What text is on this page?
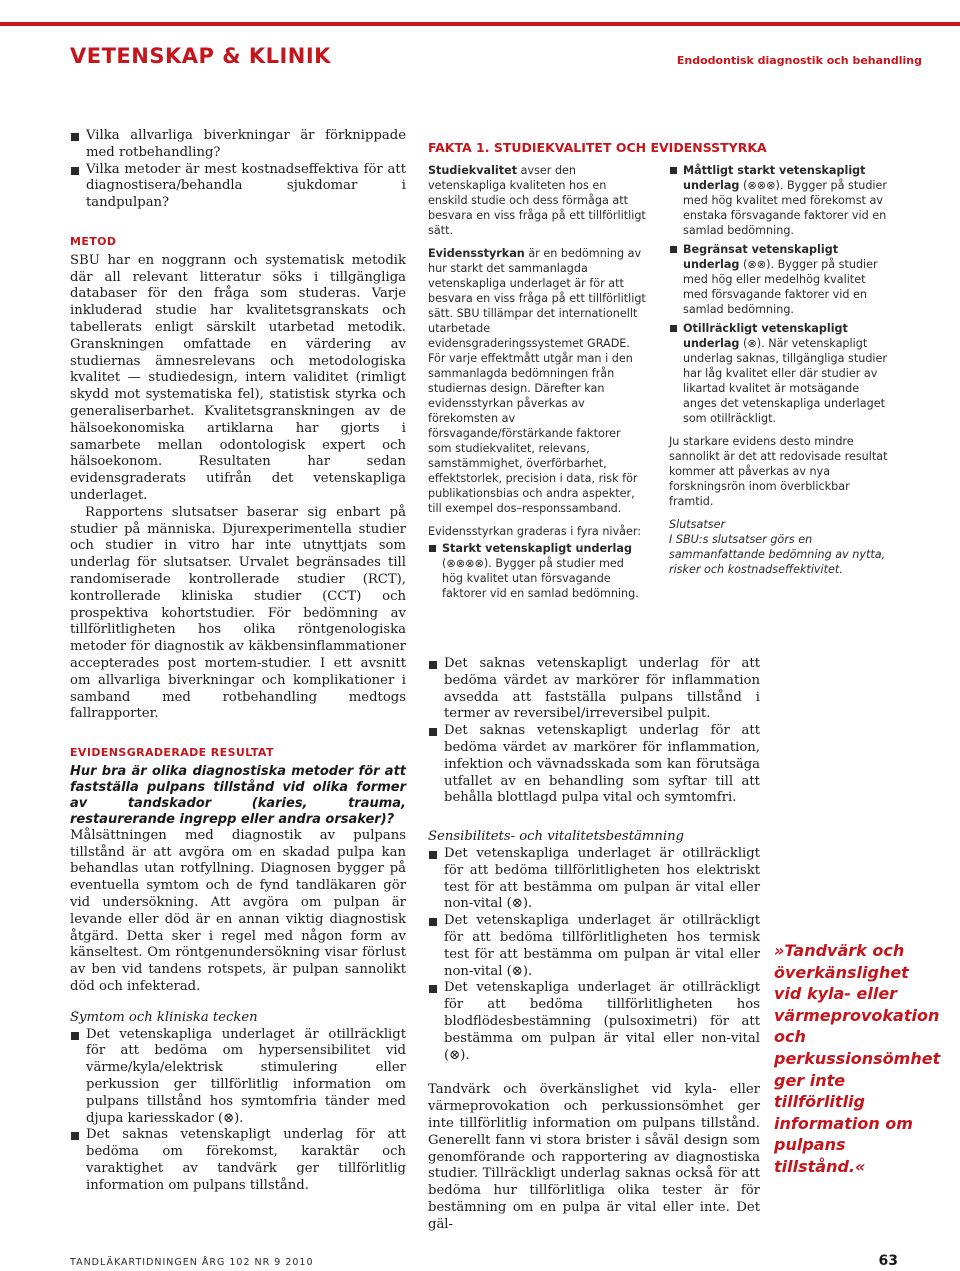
VETENSKAP & KLINIK	Endodontisk diagnostik och behandling
Vilka allvarliga biverkningar är förknippade med rotbehandling?
Vilka metoder är mest kostnadseffektiva för att diagnostisera/behandla sjukdomar i tandpulpan?
METOD

SBU har en noggrann och systematisk metodik där all relevant litteratur söks i tillgängliga databaser för den fråga som studeras. Varje inkluderad studie har kvalitetsgranskats och tabellerats enligt särskilt utarbetad metodik. Granskningen omfattade en värdering av studiernas ämnesrelevans och metodologiska kvalitet — studiedesign, intern validitet (rimligt skydd mot systematiska fel), statistisk styrka och generaliserbarhet. Kvalitetsgranskningen av de hälsoekonomiska artiklarna har gjorts i samarbete mellan odontologisk expert och hälsoekonom. Resultaten har sedan evidensgraderats utifrån det vetenskapliga underlaget.

Rapportens slutsatser baserar sig enbart på studier på människa. Djurexperimentella studier och studier in vitro har inte utnyttjats som underlag för slutsatser. Urvalet begränsades till randomiserade kontrollerade studier (RCT), kontrollerade kliniska studier (CCT) och prospektiva kohortstudier. För bedömning av tillförlitligheten hos olika röntgenologiska metoder för diagnostik av käkbensinflammationer accepterades post mortem-studier. I ett avsnitt om allvarliga biverkningar och komplikationer i samband med rotbehandling medtogs fallrapporter.

EVIDENSGRADERADE RESULTAT

Hur bra är olika diagnostiska metoder för att fastställa pulpans tillstånd vid olika former av tandskador (karies, trauma, restaurerande ingrepp eller andra orsaker)?

Målsättningen med diagnostik av pulpans tillstånd är att avgöra om en skadad pulpa kan behandlas utan rotfyllning. Diagnosen bygger på eventuella symtom och de fynd tandläkaren gör vid undersökning. Att avgöra om pulpan är levande eller död är en annan viktig diagnostisk åtgärd. Detta sker i regel med någon form av känseltest. Om röntgenundersökning visar förlust av ben vid tandens rotspets, är pulpan sannolikt död och infekterad.

Symtom och kliniska tecken

Det vetenskapliga underlaget är otillräckligt för att bedöma om hypersensibilitet vid värme/kyla/elektrisk stimulering eller perkussion ger tillförlitlig information om pulpans tillstånd hos symtomfria tänder med djupa kariesskador (⊗).
Det saknas vetenskapligt underlag för att bedöma om förekomst, karaktär och varaktighet av tandvärk ger tillförlitlig information om pulpans tillstånd.
FAKTA 1. STUDIEKVALITET OCH EVIDENSSTYRKA

Studiekvalitet avser den vetenskapliga kvaliteten hos en enskild studie och dess förmåga att besvara en viss fråga på ett tillförlitligt sätt.

Evidensstyrkan är en bedömning av hur starkt det sammanlagda vetenskapliga underlaget är för att besvara en viss fråga på ett tillförlitligt sätt. SBU tillämpar det internationellt utarbetade evidensgraderingssystemet GRADE. För varje effektmått utgår man i den sammanlagda bedömningen från studiernas design. Därefter kan evidensstyrkan påverkas av förekomsten av försvagande/förstärkande faktorer som studiekvalitet, relevans, samstämmighet, överförbarhet, effektstorlek, precision i data, risk för publikationsbias och andra aspekter, till exempel dos–responssamband.

Evidensstyrkan graderas i fyra nivåer:

Starkt vetenskapligt underlag (⊗⊗⊗⊗). Bygger på studier med hög kvalitet utan försvagande faktorer vid en samlad bedömning.
Måttligt starkt vetenskapligt underlag (⊗⊗⊗). Bygger på studier med hög kvalitet med förekomst av enstaka försvagande faktorer vid en samlad bedömning.
Begränsat vetenskapligt underlag (⊗⊗). Bygger på studier med hög eller medelhög kvalitet med försvagande faktorer vid en samlad bedömning.
Otillräckligt vetenskapligt underlag (⊗). När vetenskapligt underlag saknas, tillgängliga studier har låg kvalitet eller där studier av likartad kvalitet är motsägande anges det vetenskapliga underlaget som otillräckligt.

Ju starkare evidens desto mindre sannolikt är det att redovisade resultat kommer att påverkas av nya forskningsrön inom överblickbar framtid.

Slutsatser

I SBU:s slutsatser görs en sammanfattande bedömning av nytta, risker och kostnadseffektivitet.

Det saknas vetenskapligt underlag för att bedöma värdet av markörer för inflammation avsedda att fastställa pulpans tillstånd i termer av reversibel/irreversibel pulpit.
Det saknas vetenskapligt underlag för att bedöma värdet av markörer för inflammation, infektion och vävnadsskada som kan förutsäga utfallet av en behandling som syftar till att behålla blottlagd pulpa vital och symtomfri.

Sensibilitets- och vitalitetsbestämning

Det vetenskapliga underlaget är otillräckligt för att bedöma tillförlitligheten hos elektriskt test för att bestämma om pulpan är vital eller non-vital (⊗).
Det vetenskapliga underlaget är otillräckligt för att bedöma tillförlitligheten hos termisk test för att bestämma om pulpan är vital eller non-vital (⊗).
Det vetenskapliga underlaget är otillräckligt för att bedöma tillförlitligheten hos blodflödesbestämning (pulsoximetri) för att bestämma om pulpan är vital eller non-vital (⊗).

Tandvärk och överkänslighet vid kyla- eller värmeprovokation och perkussionsömhet ger inte tillförlitlig information om pulpans tillstånd. Generellt fann vi stora brister i såväl design som genomförande och rapportering av diagnostiska studier. Tillräckligt underlag saknas också för att bedöma hur tillförlitliga olika tester är för bestämning om en pulpa är vital eller inte. Det gäl-

»Tandvärk och överkänslighet vid kyla- eller värmeprovokation och perkussionsömhet ger inte tillförlitlig information om pulpans tillstånd.«
TANDLÄKARTIDNINGEN ÅRG 102 NR 9 2010	63
